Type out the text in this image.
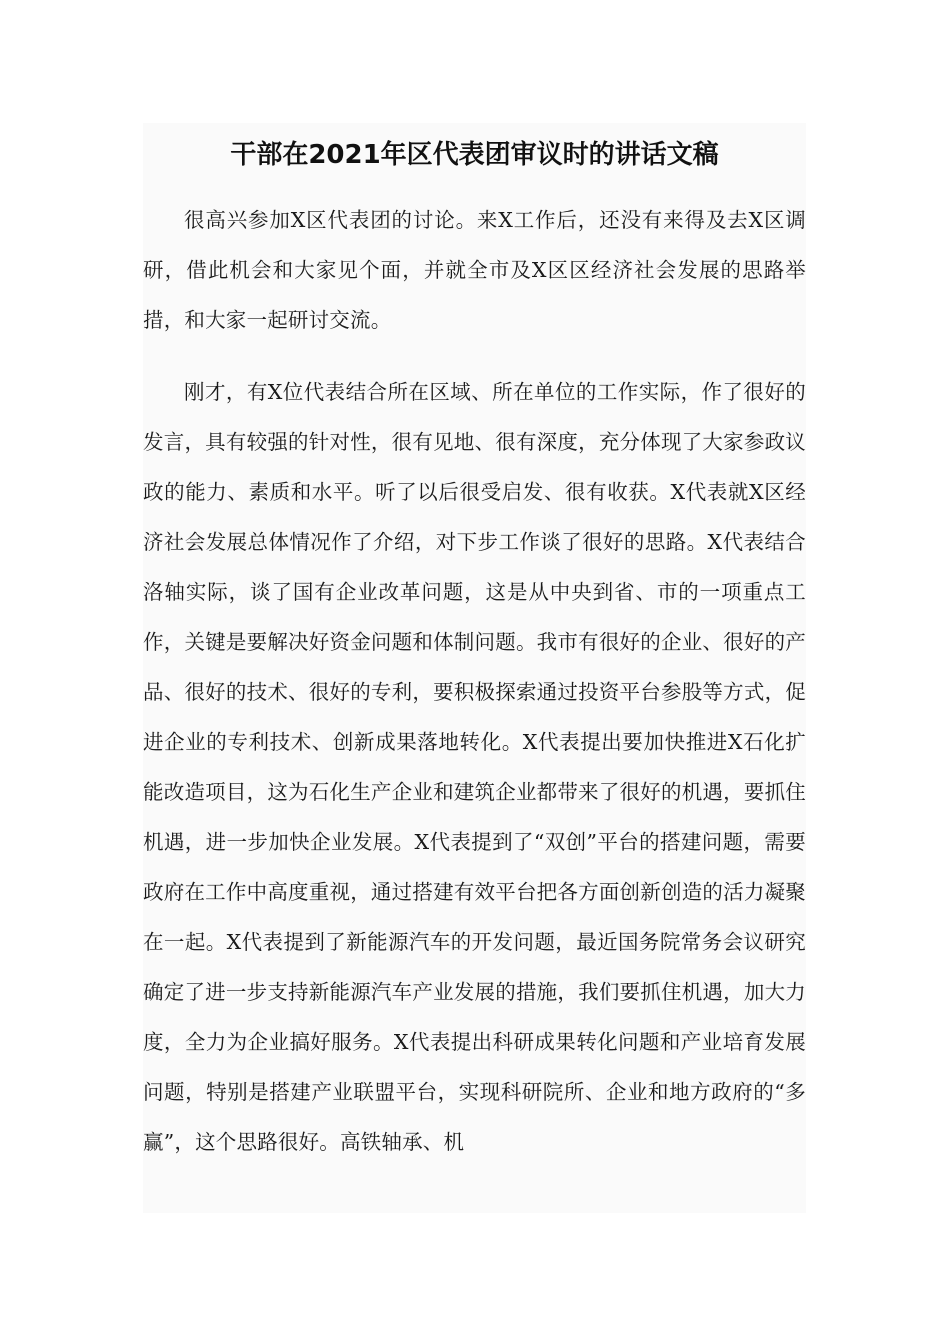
干部在2021年区代表团审议时的讲话文稿

很高兴参加X区代表团的讨论。来X工作后，还没有来得及去X区调研，借此机会和大家见个面，并就全市及X区区经济社会发展的思路举措，和大家一起研讨交流。

刚才，有X位代表结合所在区域、所在单位的工作实际，作了很好的发言，具有较强的针对性，很有见地、很有深度，充分体现了大家参政议政的能力、素质和水平。听了以后很受启发、很有收获。X代表就X区经济社会发展总体情况作了介绍，对下步工作谈了很好的思路。X代表结合洛轴实际，谈了国有企业改革问题，这是从中央到省、市的一项重点工作，关键是要解决好资金问题和体制问题。我市有很好的企业、很好的产品、很好的技术、很好的专利，要积极探索通过投资平台参股等方式，促进企业的专利技术、创新成果落地转化。X代表提出要加快推进X石化扩能改造项目，这为石化生产企业和建筑企业都带来了很好的机遇，要抓住机遇，进一步加快企业发展。X代表提到了“双创”平台的搭建问题，需要政府在工作中高度重视，通过搭建有效平台把各方面创新创造的活力凝聚在一起。X代表提到了新能源汽车的开发问题，最近国务院常务会议研究确定了进一步支持新能源汽车产业发展的措施，我们要抓住机遇，加大力度，全力为企业搞好服务。X代表提出科研成果转化问题和产业培育发展问题，特别是搭建产业联盟平台，实现科研院所、企业和地方政府的“多赢”，这个思路很好。高铁轴承、机
